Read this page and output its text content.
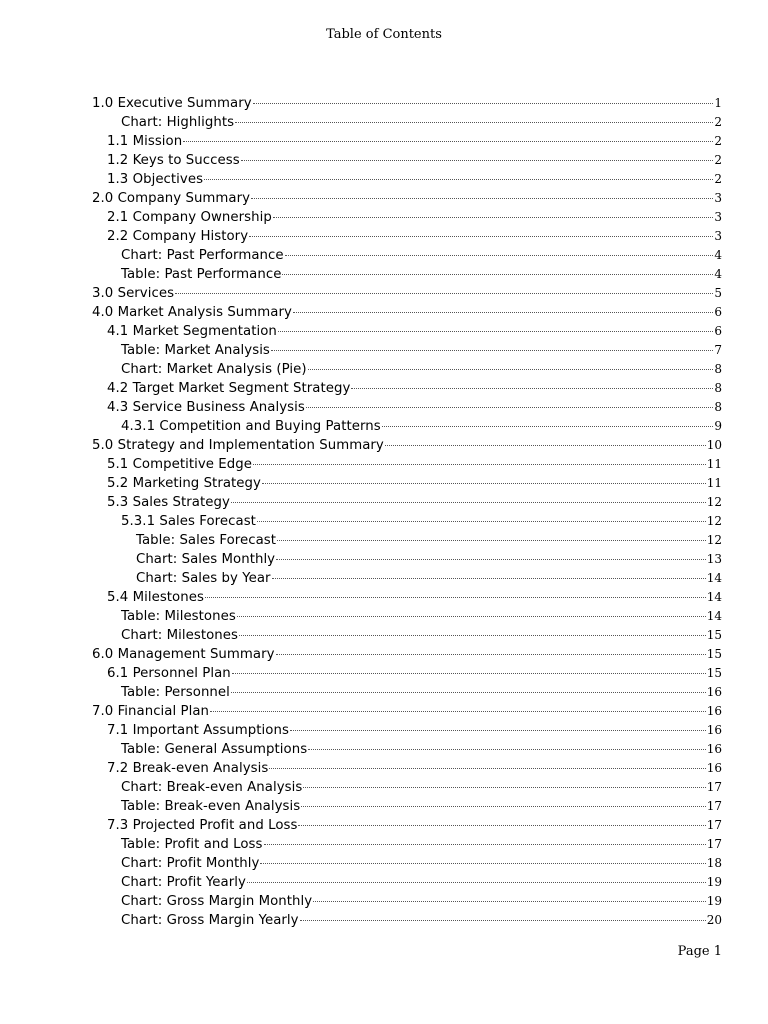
Table of Contents
1.0 Executive Summary	1
Chart: Highlights	2
1.1 Mission	2
1.2 Keys to Success	2
1.3 Objectives	2
2.0 Company Summary	3
2.1 Company Ownership	3
2.2 Company History	3
Chart: Past Performance	4
Table: Past Performance	4
3.0 Services	5
4.0 Market Analysis Summary	6
4.1 Market Segmentation	6
Table: Market Analysis	7
Chart: Market Analysis (Pie)	8
4.2 Target Market Segment Strategy	8
4.3 Service Business Analysis	8
4.3.1 Competition and Buying Patterns	9
5.0 Strategy and Implementation Summary	10
5.1 Competitive Edge	11
5.2 Marketing Strategy	11
5.3 Sales Strategy	12
5.3.1 Sales Forecast	12
Table: Sales Forecast	12
Chart: Sales Monthly	13
Chart: Sales by Year	14
5.4 Milestones	14
Table: Milestones	14
Chart: Milestones	15
6.0 Management Summary	15
6.1 Personnel Plan	15
Table: Personnel	16
7.0 Financial Plan	16
7.1 Important Assumptions	16
Table: General Assumptions	16
7.2 Break-even Analysis	16
Chart: Break-even Analysis	17
Table: Break-even Analysis	17
7.3 Projected Profit and Loss	17
Table: Profit and Loss	17
Chart: Profit Monthly	18
Chart: Profit Yearly	19
Chart: Gross Margin Monthly	19
Chart: Gross Margin Yearly	20
Page 1
